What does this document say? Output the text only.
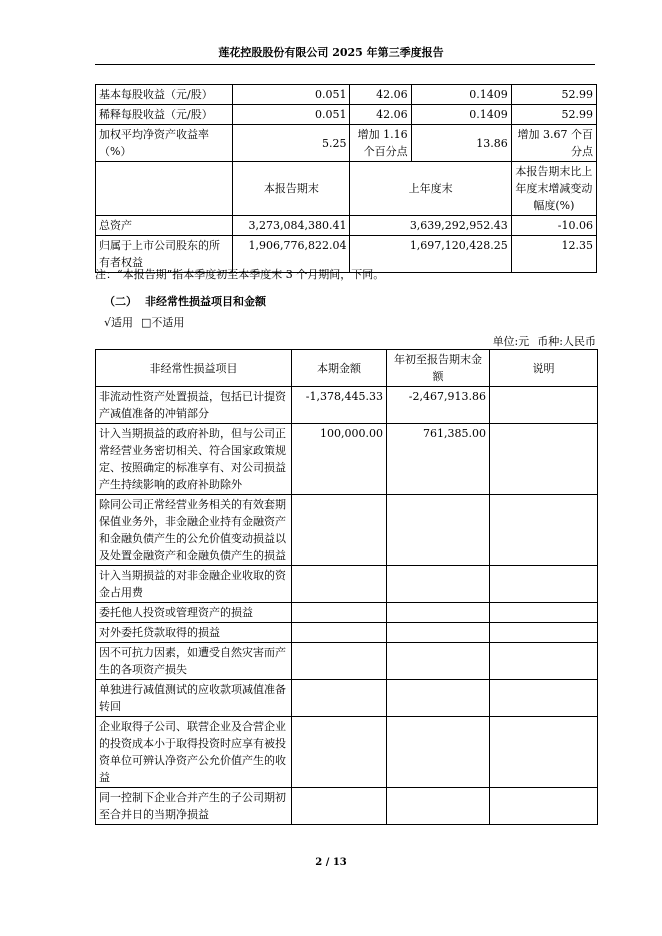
莲花控股股份有限公司 2025 年第三季度报告
基本每股收益（元/股）	0.051	42.06	0.1409	52.99
稀释每股收益（元/股）	0.051	42.06	0.1409	52.99
加权平均净资产收益率（%）	5.25	增加 1.16 个百分点	13.86	增加 3.67 个百分点
	本报告期末	上年度末		本报告期末比上年度末增减变动幅度(%)
总资产	3,273,084,380.41	3,639,292,952.43		-10.06
归属于上市公司股东的所有者权益	1,906,776,822.04	1,697,120,428.25		12.35
注：“本报告期”指本季度初至本季度末 3 个月期间，下同。
（二） 非经常性损益项目和金额
√适用 □不适用
单位:元 币种:人民币
非经常性损益项目	本期金额	年初至报告期末金额	说明
非流动性资产处置损益，包括已计提资产减值准备的冲销部分	-1,378,445.33	-2,467,913.86	
计入当期损益的政府补助，但与公司正常经营业务密切相关、符合国家政策规定、按照确定的标准享有、对公司损益产生持续影响的政府补助除外	100,000.00	761,385.00	
除同公司正常经营业务相关的有效套期保值业务外，非金融企业持有金融资产和金融负债产生的公允价值变动损益以及处置金融资产和金融负债产生的损益			
计入当期损益的对非金融企业收取的资金占用费			
委托他人投资或管理资产的损益			
对外委托贷款取得的损益			
因不可抗力因素，如遭受自然灾害而产生的各项资产损失			
单独进行减值测试的应收款项减值准备转回			
企业取得子公司、联营企业及合营企业的投资成本小于取得投资时应享有被投资单位可辨认净资产公允价值产生的收益			
同一控制下企业合并产生的子公司期初至合并日的当期净损益			
2 / 13
